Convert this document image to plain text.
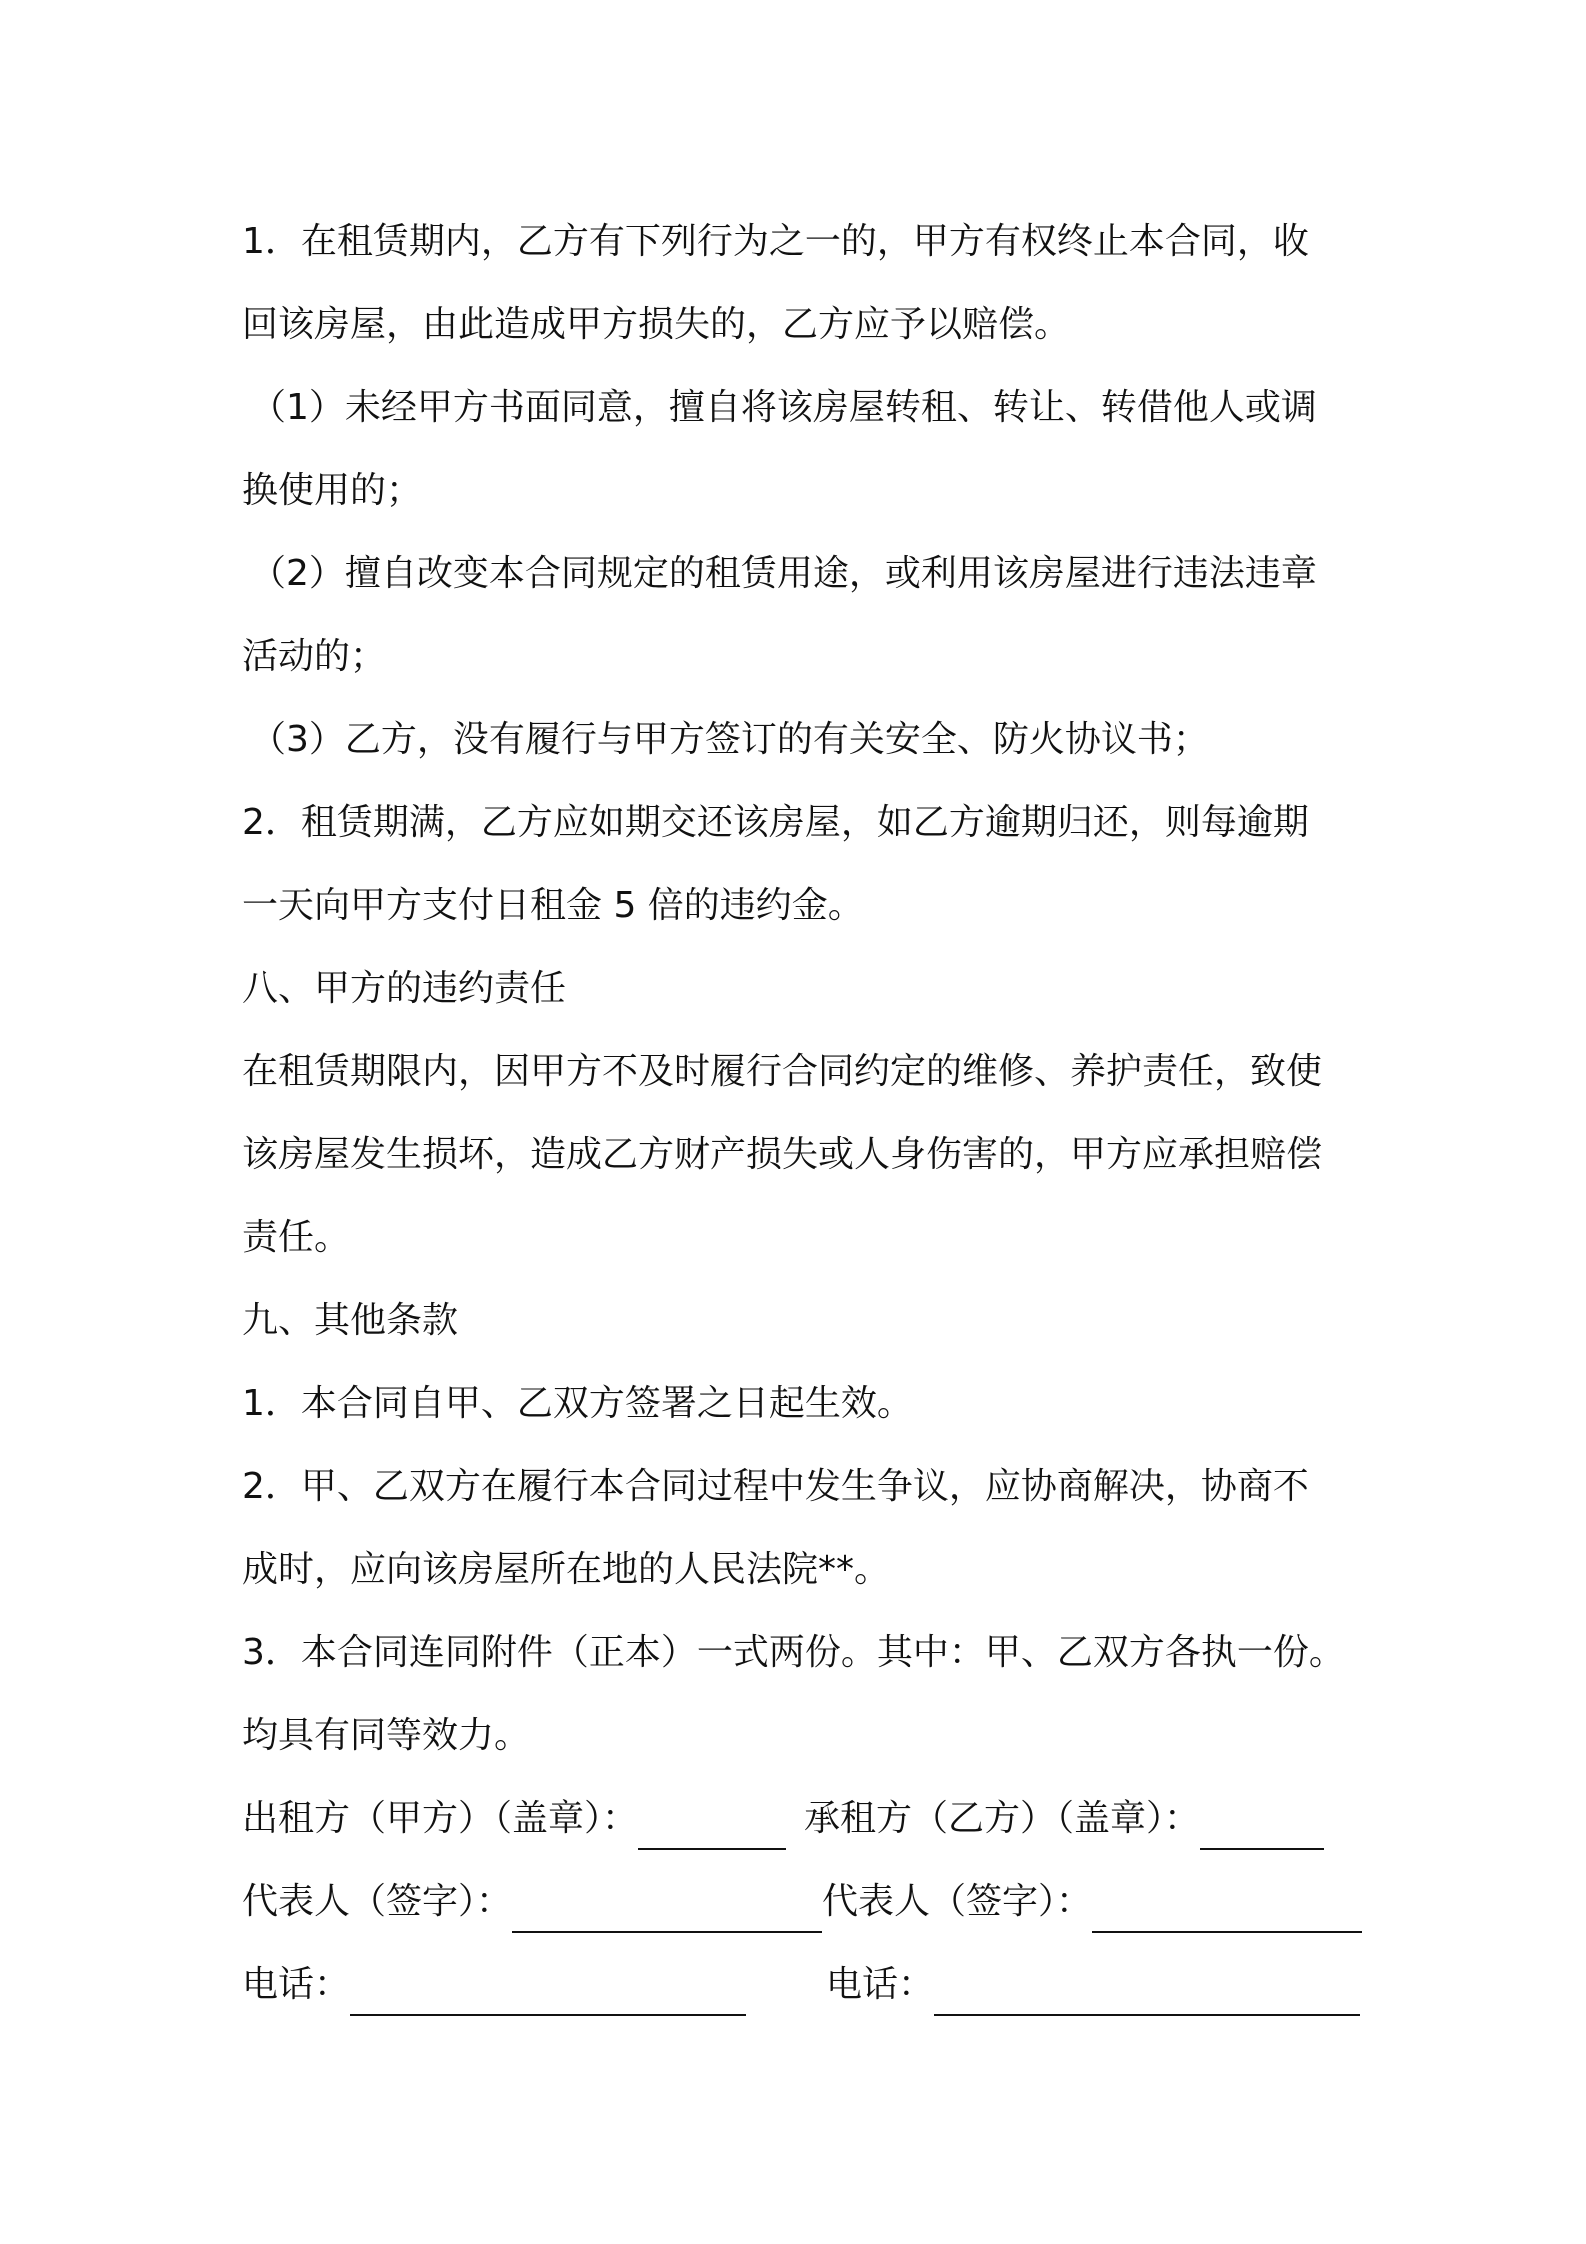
1．在租赁期内，乙方有下列行为之一的，甲方有权终止本合同，收
回该房屋，由此造成甲方损失的，乙方应予以赔偿。
（1）未经甲方书面同意，擅自将该房屋转租、转让、转借他人或调
换使用的；
（2）擅自改变本合同规定的租赁用途，或利用该房屋进行违法违章
活动的；
（3）乙方，没有履行与甲方签订的有关安全、防火协议书；
2．租赁期满，乙方应如期交还该房屋，如乙方逾期归还，则每逾期
一天向甲方支付日租金 5 倍的违约金。
八、甲方的违约责任
在租赁期限内，因甲方不及时履行合同约定的维修、养护责任，致使
该房屋发生损坏，造成乙方财产损失或人身伤害的，甲方应承担赔偿
责任。
九、其他条款
1．本合同自甲、乙双方签署之日起生效。
2．甲、乙双方在履行本合同过程中发生争议，应协商解决，协商不
成时，应向该房屋所在地的人民法院**。
3．本合同连同附件（正本）一式两份。其中：甲、乙双方各执一份。
均具有同等效力。
出租方（甲方）（盖章）：	承租方（乙方）（盖章）：
代表人（签字）：	代表人（签字）：
电话：	电话：
